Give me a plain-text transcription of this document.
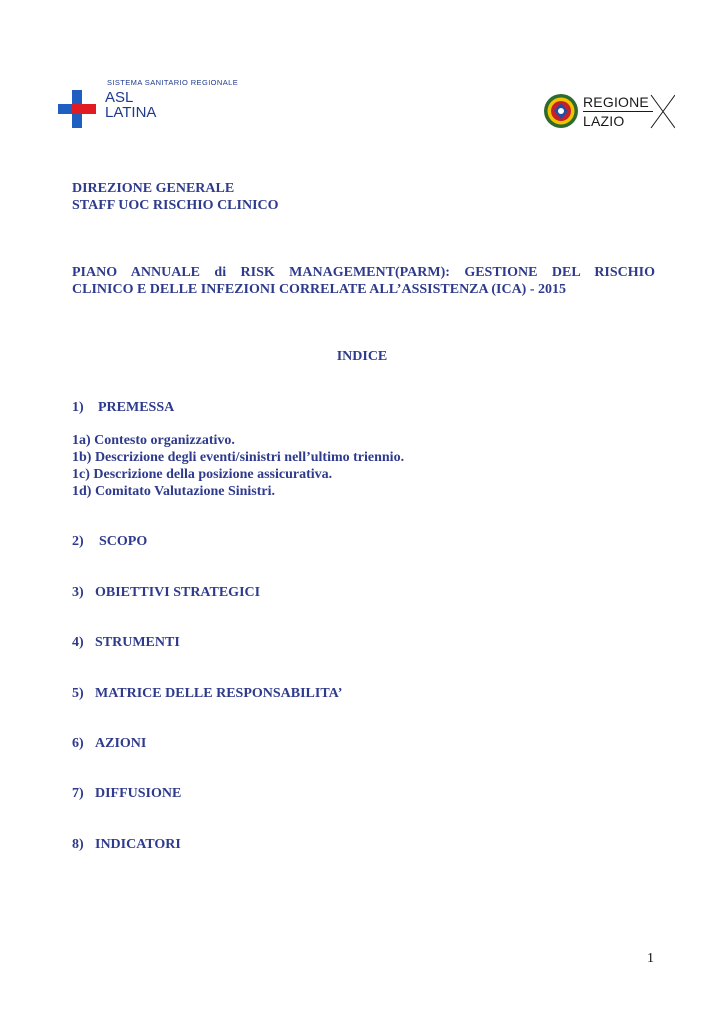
SISTEMA SANITARIO REGIONALE
ASL
LATINA
REGIONE
LAZIO
DIREZIONE GENERALE
STAFF UOC RISCHIO CLINICO
PIANO ANNUALE di RISK MANAGEMENT(PARM): GESTIONE DEL RISCHIO
CLINICO E DELLE INFEZIONI CORRELATE ALL’ASSISTENZA (ICA) - 2015
INDICE
1) PREMESSA
1a) Contesto organizzativo.
1b) Descrizione degli eventi/sinistri nell’ultimo triennio.
1c) Descrizione della posizione assicurativa.
1d) Comitato Valutazione Sinistri.
2) SCOPO
3) OBIETTIVI STRATEGICI
4) STRUMENTI
5) MATRICE DELLE RESPONSABILITA’
6) AZIONI
7) DIFFUSIONE
8) INDICATORI
1
